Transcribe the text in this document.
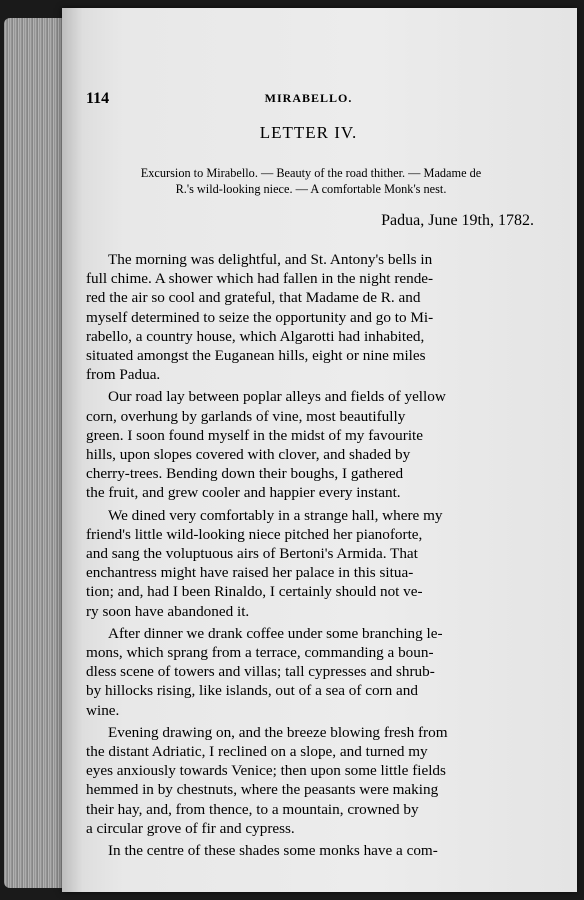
114	MIRABELLO.
LETTER IV.
Excursion to Mirabello. — Beauty of the road thither. — Madame de
R.'s wild-looking niece. — A comfortable Monk's nest.
Padua, June 19th, 1782.
The morning was delightful, and St. Antony's bells in
full chime. A shower which had fallen in the night rende-
red the air so cool and grateful, that Madame de R. and
myself determined to seize the opportunity and go to Mi-
rabello, a country house, which Algarotti had inhabited,
situated amongst the Euganean hills, eight or nine miles
from Padua.
Our road lay between poplar alleys and fields of yellow
corn, overhung by garlands of vine, most beautifully
green. I soon found myself in the midst of my favourite
hills, upon slopes covered with clover, and shaded by
cherry-trees. Bending down their boughs, I gathered
the fruit, and grew cooler and happier every instant.
We dined very comfortably in a strange hall, where my
friend's little wild-looking niece pitched her pianoforte,
and sang the voluptuous airs of Bertoni's Armida. That
enchantress might have raised her palace in this situa-
tion; and, had I been Rinaldo, I certainly should not ve-
ry soon have abandoned it.
After dinner we drank coffee under some branching le-
mons, which sprang from a terrace, commanding a boun-
dless scene of towers and villas; tall cypresses and shrub-
by hillocks rising, like islands, out of a sea of corn and
wine.
Evening drawing on, and the breeze blowing fresh from
the distant Adriatic, I reclined on a slope, and turned my
eyes anxiously towards Venice; then upon some little fields
hemmed in by chestnuts, where the peasants were making
their hay, and, from thence, to a mountain, crowned by
a circular grove of fir and cypress.
In the centre of these shades some monks have a com-
